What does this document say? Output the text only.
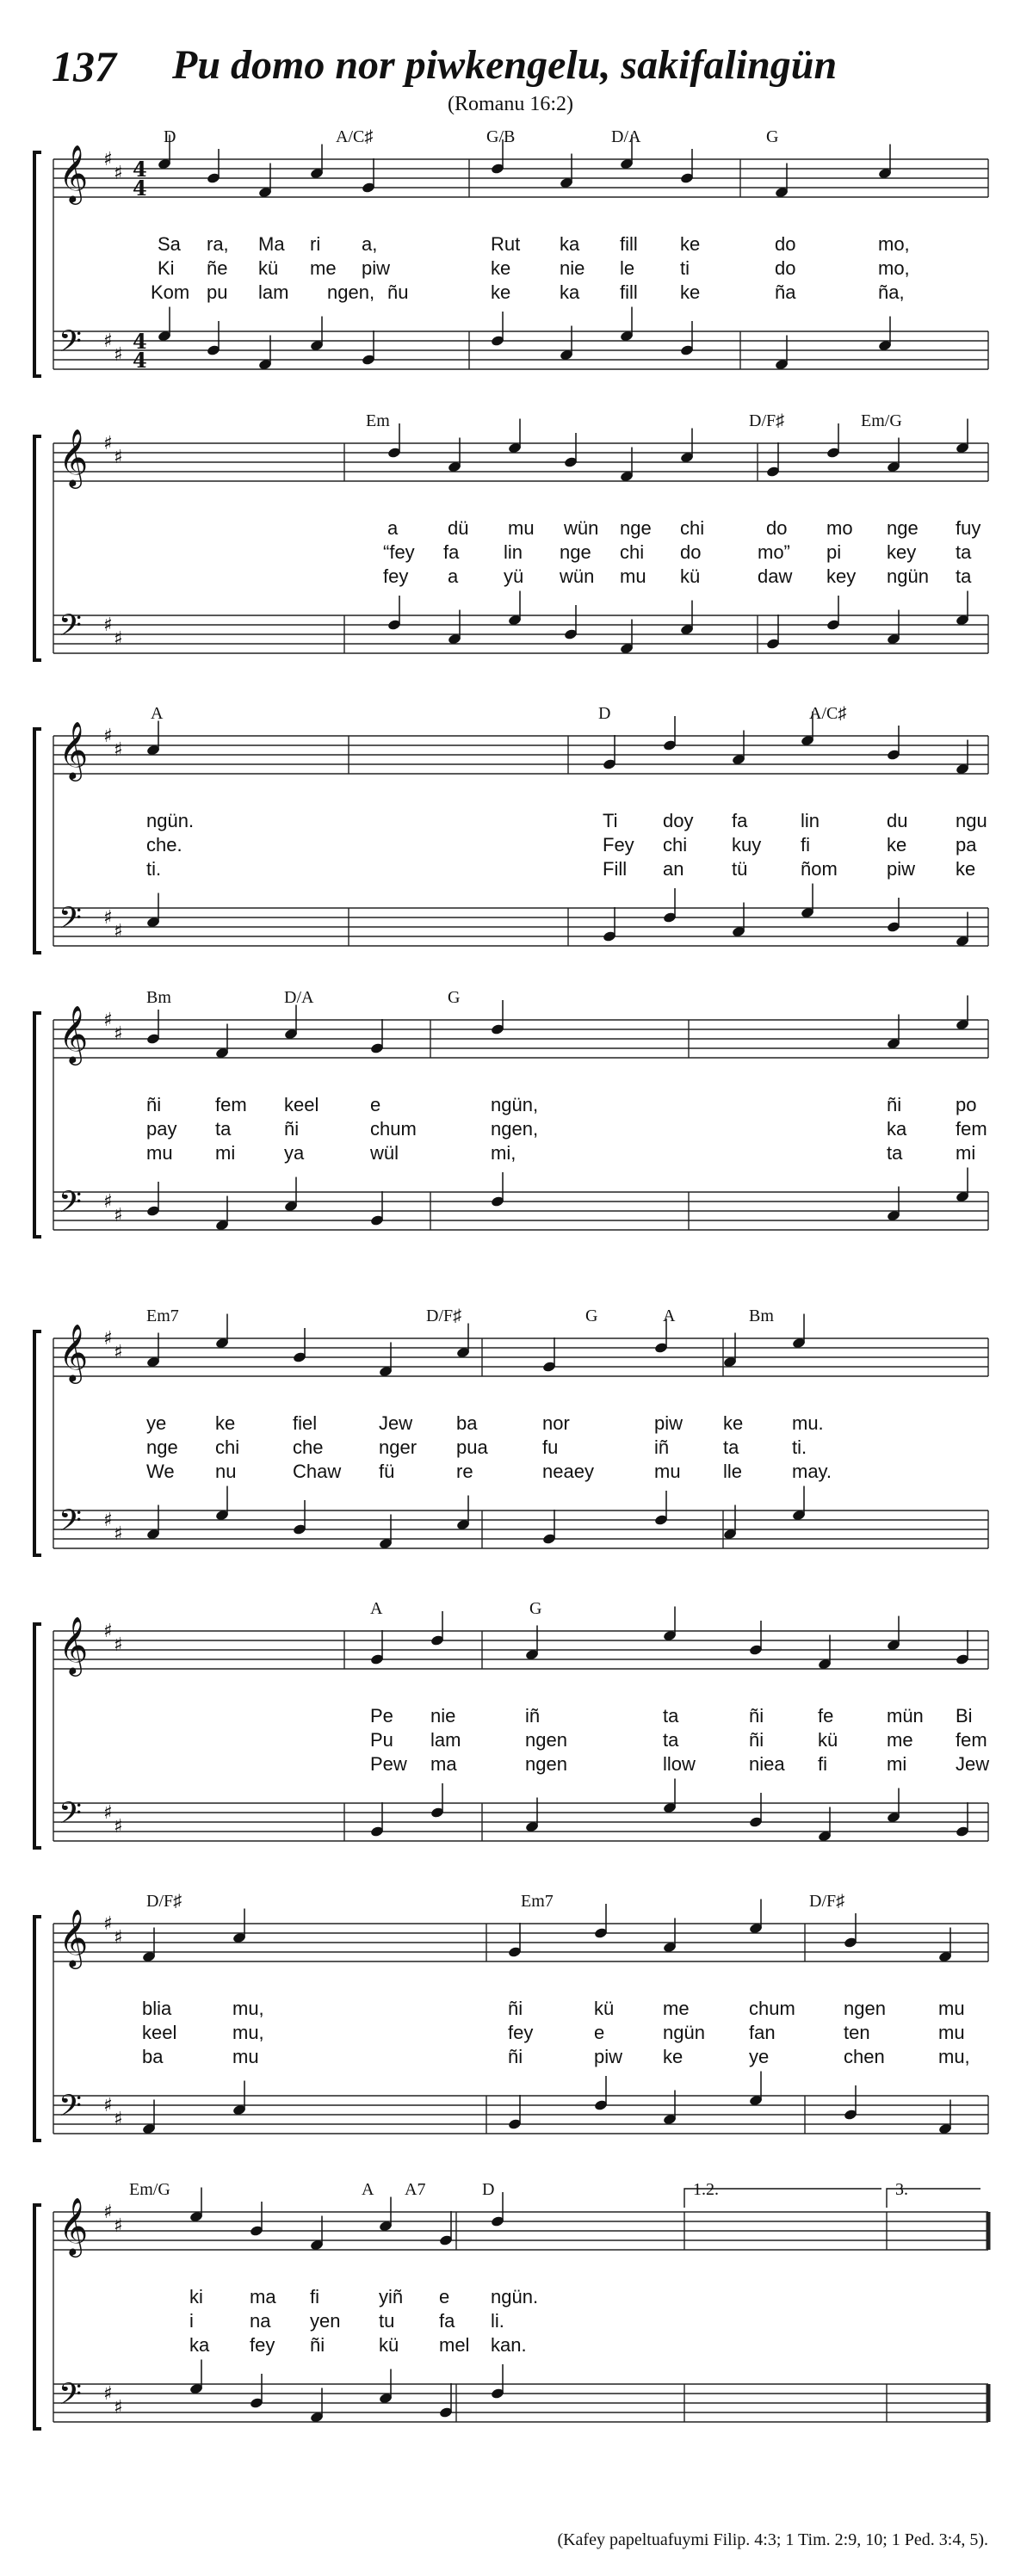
137 Pu domo nor piwkengelu, sakifalingün
(Romanu 16:2)
𝄞 ♯
♯ 4
4
𝄢 ♯
♯
4
4
D	A/C♯	G/B	D/A	G
Sa ra, Ma ri a,	Rut ka fill ke	do	mo,
Ki ñe kü me piw	ke	nie le ti	do	mo,
Kom pu lam ngen, ñu	ke	ka fill ke	ña	ña,
𝄞 ♯
♯
𝄢 ♯
♯
Em	D/F♯	Em/G
a	dü mu wün nge chi	do mo nge fuy
“fey fa lin nge chi do	mo” pi key ta
fey a yü wün mu kü	daw key ngün ta
𝄞 ♯
♯
𝄢 ♯
♯
A	D	A/C♯
ngün.	Ti doy fa	lin	du	ngu
che.	Fey chi kuy fi	ke	pa
ti.	Fill an	tü	ñom	piw ke
𝄞 ♯
♯
𝄢 ♯
♯
Bm	D/A	G
ñi	fem keel	e	ngün,	ñi	po
pay ta	ñi	chum	ngen,	ka	fem
mu mi	ya	wül	mi,	ta	mi
𝄞 ♯
♯
𝄢 ♯
♯
Em7	D/F♯	G	A	Bm
ye	ke	fiel	Jew ba	nor	piw ke	mu.
nge chi	che	nger pua	fu	iñ	ta	ti.
We nu	Chaw fü	re	neaey	mu lle	may.
𝄞 ♯
♯
𝄢 ♯
♯
A	G
Pe nie	iñ	ta	ñi	fe	mün Bi
Pu lam	ngen	ta	ñi	kü	me fem
Pew ma	ngen	llow	niea fi	mi	Jew
𝄞 ♯
♯
𝄢 ♯
♯
D/F♯	Em7	D/F♯
blia	mu,	ñi	kü	me	chum	ngen	mu
keel	mu,	fey	e	ngün fan	ten	mu
ba	mu	ñi	piw ke	ye	chen	mu,
𝄞 ♯
♯
𝄢 ♯
♯
1.2.	3.
Em/G	A A7	D
ki ma fi	yiñ e ngün.
i	na yen tu fa li.
ka fey ñi	kü mel kan.
(Kafey papeltuafuymi Filip. 4:3; 1 Tim. 2:9, 10; 1 Ped. 3:4, 5).
